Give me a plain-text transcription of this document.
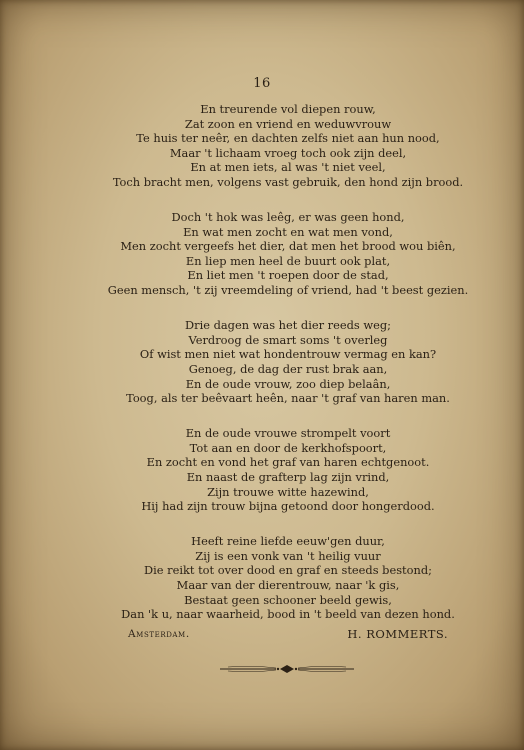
16
En treurende vol diepen rouw,
Zat zoon en vriend en weduwvrouw
Te huis ter neêr, en dachten zelfs niet aan hun nood,
Maar 't lichaam vroeg toch ook zijn deel,
En at men iets, al was 't niet veel,
Toch bracht men, volgens vast gebruik, den hond zijn brood.
Doch 't hok was leêg, er was geen hond,
En wat men zocht en wat men vond,
Men zocht vergeefs het dier, dat men het brood wou biên,
En liep men heel de buurt ook plat,
En liet men 't roepen door de stad,
Geen mensch, 't zij vreemdeling of vriend, had 't beest gezien.
Drie dagen was het dier reeds weg;
Verdroog de smart soms 't overleg
Of wist men niet wat hondentrouw vermag en kan?
Genoeg, de dag der rust brak aan,
En de oude vrouw, zoo diep belaân,
Toog, als ter beêvaart heên, naar 't graf van haren man.
En de oude vrouwe strompelt voort
Tot aan en door de kerkhofspoort,
En zocht en vond het graf van haren echtgenoot.
En naast de grafterp lag zijn vrind,
Zijn trouwe witte hazewind,
Hij had zijn trouw bijna getoond door hongerdood.
Heeft reine liefde eeuw'gen duur,
Zij is een vonk van 't heilig vuur
Die reikt tot over dood en graf en steeds bestond;
Maar van der dierentrouw, naar 'k gis,
Bestaat geen schooner beeld gewis,
Dan 'k u, naar waarheid, bood in 't beeld van dezen hond.
Amsterdam.	H. ROMMERTS.
